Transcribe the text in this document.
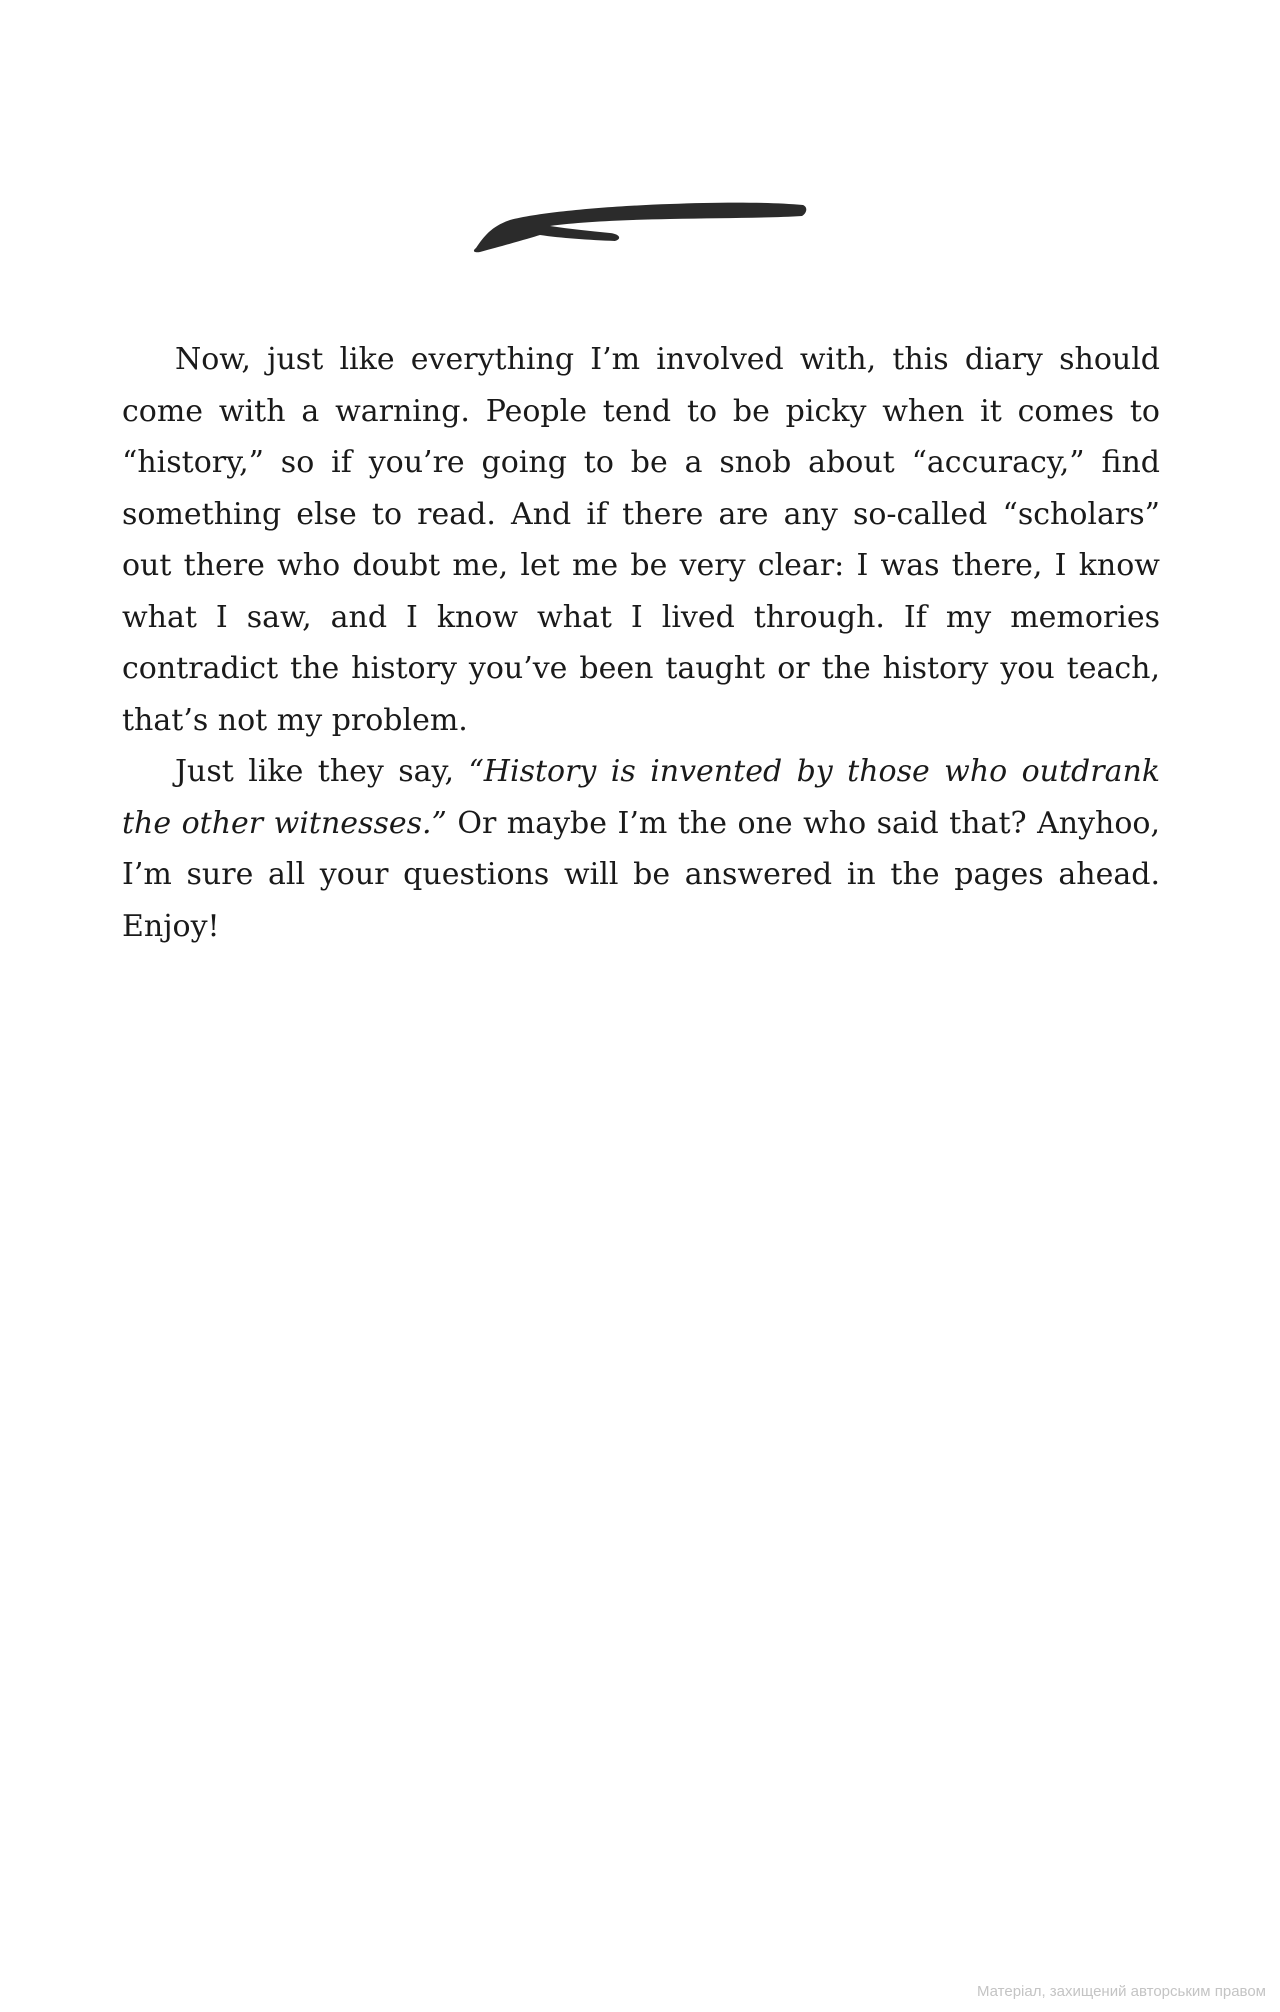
Now, just like everything I’m involved with, this diary should come with a warning. People tend to be picky when it comes to “history,” so if you’re going to be a snob about “accuracy,” find something else to read. And if there are any so-called “scholars” out there who doubt me, let me be very clear: I was there, I know what I saw, and I know what I lived through. If my memories contradict the history you’ve been taught or the history you teach, that’s not my problem.

Just like they say, “History is invented by those who outdrank the other witnesses.” Or maybe I’m the one who said that? Anyhoo, I’m sure all your questions will be answered in the pages ahead. Enjoy!

Матеріал, захищений авторським правом
